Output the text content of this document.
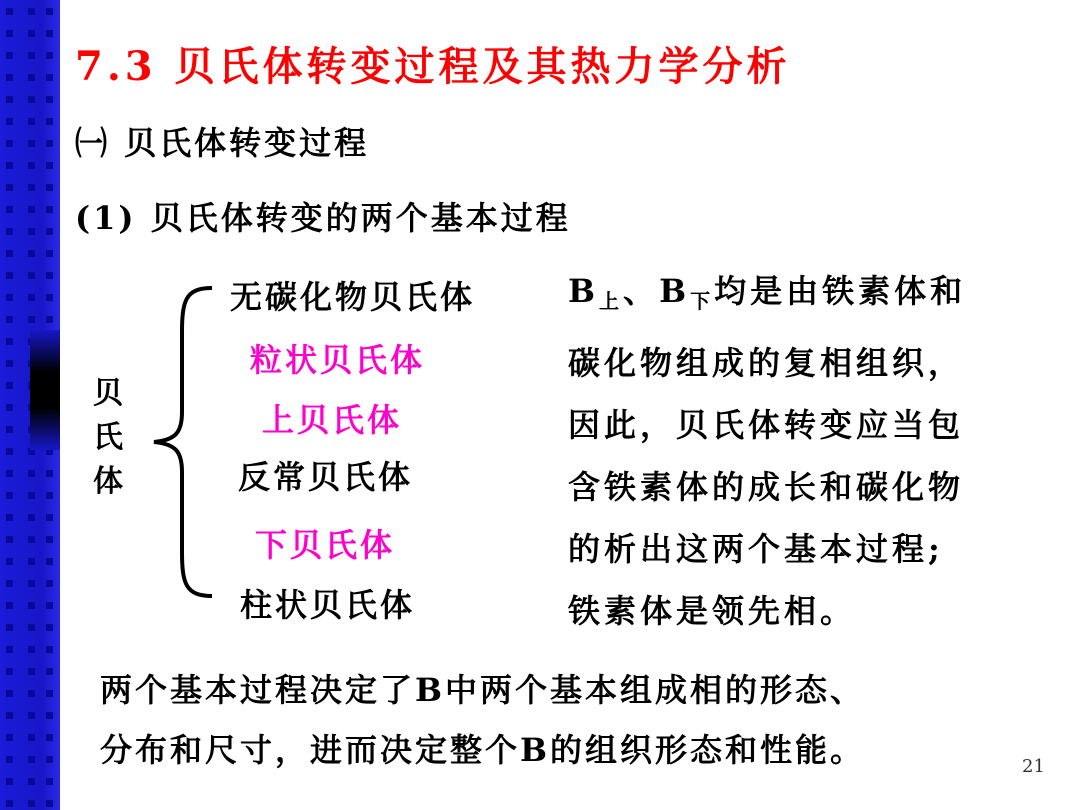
7.3 贝氏体转变过程及其热力学分析
㈠ 贝氏体转变过程
(1) 贝氏体转变的两个基本过程
贝
氏
体
无碳化物贝氏体
粒状贝氏体
上贝氏体
反常贝氏体
下贝氏体
柱状贝氏体
$B_上$、$B_下$均是由铁素体和
碳化物组成的复相组织，
因此，贝氏体转变应当包
含铁素体的成长和碳化物
的析出这两个基本过程;
铁素体是领先相。
两个基本过程决定了B中两个基本组成相的形态、
分布和尺寸，进而决定整个B的组织形态和性能。	21
